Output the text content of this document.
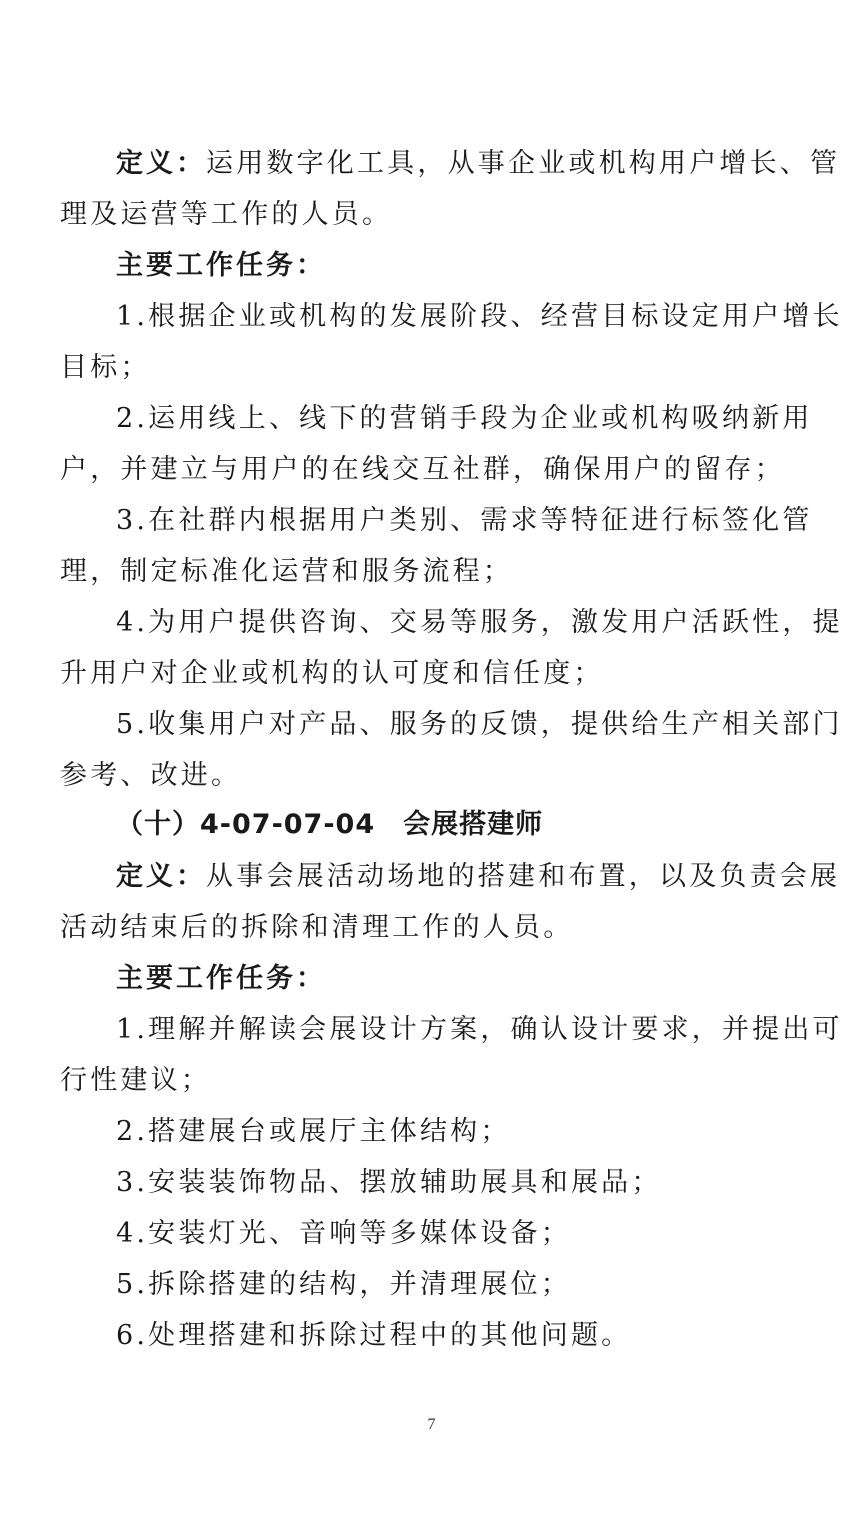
定义：运用数字化工具，从事企业或机构用户增长、管
理及运营等工作的人员。
主要工作任务：
1.根据企业或机构的发展阶段、经营目标设定用户增长
目标；
2.运用线上、线下的营销手段为企业或机构吸纳新用
户，并建立与用户的在线交互社群，确保用户的留存；
3.在社群内根据用户类别、需求等特征进行标签化管
理，制定标准化运营和服务流程；
4.为用户提供咨询、交易等服务，激发用户活跃性，提
升用户对企业或机构的认可度和信任度；
5.收集用户对产品、服务的反馈，提供给生产相关部门
参考、改进。
（十）4-07-07-04　会展搭建师
定义：从事会展活动场地的搭建和布置，以及负责会展
活动结束后的拆除和清理工作的人员。
主要工作任务：
1.理解并解读会展设计方案，确认设计要求，并提出可
行性建议；
2.搭建展台或展厅主体结构；
3.安装装饰物品、摆放辅助展具和展品；
4.安装灯光、音响等多媒体设备；
5.拆除搭建的结构，并清理展位；
6.处理搭建和拆除过程中的其他问题。
7
